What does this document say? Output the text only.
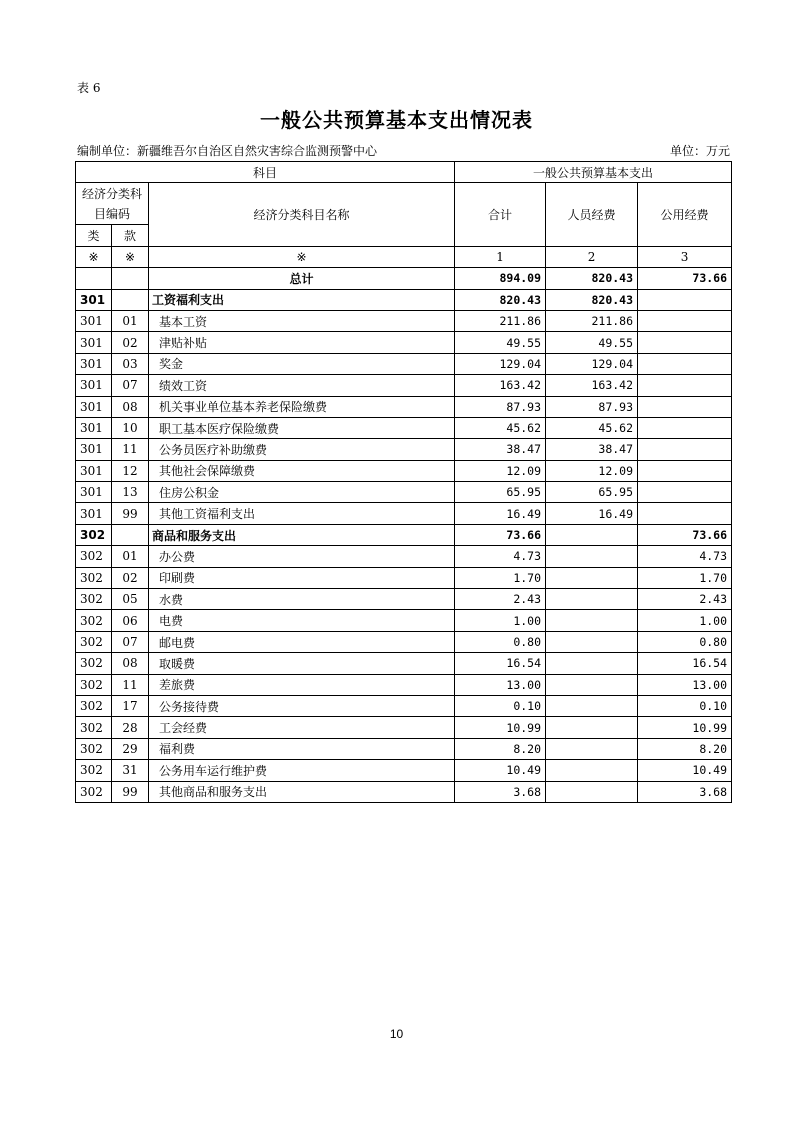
表 6
一般公共预算基本支出情况表
编制单位：新疆维吾尔自治区自然灾害综合监测预警中心	单位：万元
科目			一般公共预算基本支出		
经济分类科目编码		经济分类科目名称	合计	人员经费	公用经费
类	款				
※	※	※	1	2	3
		总计	894.09	820.43	73.66
301		工资福利支出	820.43	820.43	
301	01	基本工资	211.86	211.86	
301	02	津贴补贴	49.55	49.55	
301	03	奖金	129.04	129.04	
301	07	绩效工资	163.42	163.42	
301	08	机关事业单位基本养老保险缴费	87.93	87.93	
301	10	职工基本医疗保险缴费	45.62	45.62	
301	11	公务员医疗补助缴费	38.47	38.47	
301	12	其他社会保障缴费	12.09	12.09	
301	13	住房公积金	65.95	65.95	
301	99	其他工资福利支出	16.49	16.49	
302		商品和服务支出	73.66		73.66
302	01	办公费	4.73		4.73
302	02	印刷费	1.70		1.70
302	05	水费	2.43		2.43
302	06	电费	1.00		1.00
302	07	邮电费	0.80		0.80
302	08	取暖费	16.54		16.54
302	11	差旅费	13.00		13.00
302	17	公务接待费	0.10		0.10
302	28	工会经费	10.99		10.99
302	29	福利费	8.20		8.20
302	31	公务用车运行维护费	10.49		10.49
302	99	其他商品和服务支出	3.68		3.68
10
